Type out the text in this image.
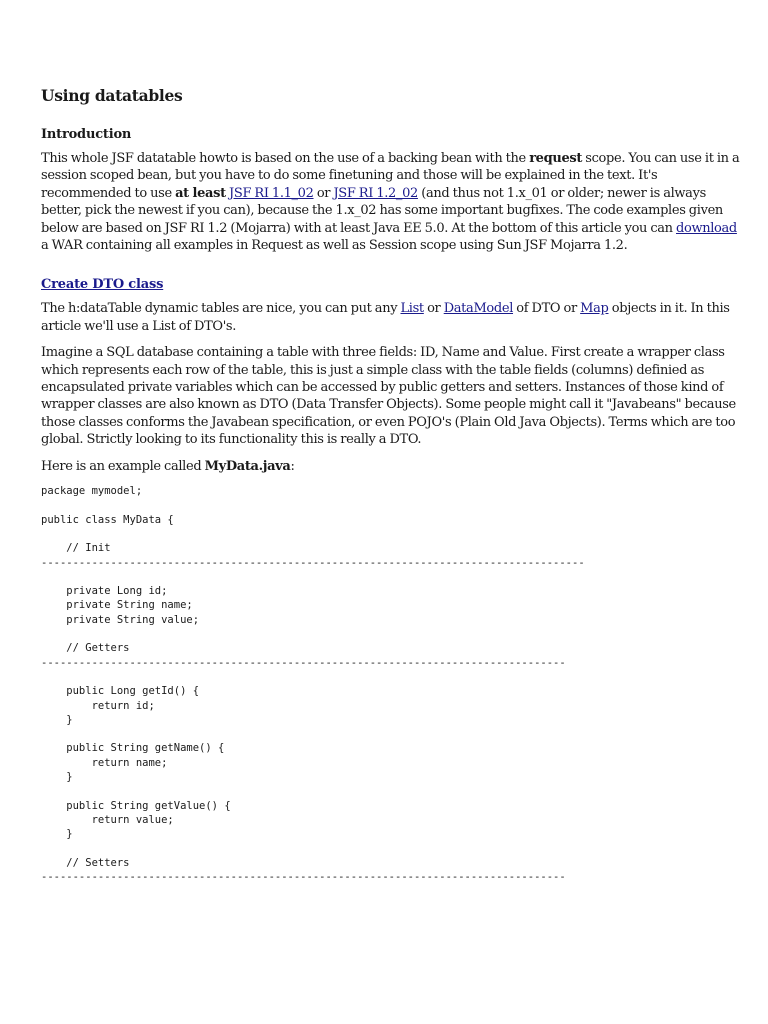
Using datatables
Introduction

This whole JSF datatable howto is based on the use of a backing bean with the request scope. You can use it in a session scoped bean, but you have to do some finetuning and those will be explained in the text. It's recommended to use at least JSF RI 1.1_02 or JSF RI 1.2_02 (and thus not 1.x_01 or older; newer is always better, pick the newest if you can), because the 1.x_02 has some important bugfixes. The code examples given below are based on JSF RI 1.2 (Mojarra) with at least Java EE 5.0. At the bottom of this article you can download a WAR containing all examples in Request as well as Session scope using Sun JSF Mojarra 1.2.

Create DTO class

The h:dataTable dynamic tables are nice, you can put any List or DataModel of DTO or Map objects in it. In this article we'll use a List of DTO's.

Imagine a SQL database containing a table with three fields: ID, Name and Value. First create a wrapper class which represents each row of the table, this is just a simple class with the table fields (columns) definied as encapsulated private variables which can be accessed by public getters and setters. Instances of those kind of wrapper classes are also known as DTO (Data Transfer Objects). Some people might call it "Javabeans" because those classes conforms the Javabean specification, or even POJO's (Plain Old Java Objects). Terms which are too global. Strictly looking to its functionality this is really a DTO.

Here is an example called MyData.java:

package mymodel;
public class MyData {
// Init
--------------------------------------------------------------------------------------
private Long id;
private String name;
private String value;
// Getters
-----------------------------------------------------------------------------------
public Long getId() {
return id;
}
public String getName() {
return name;
}
public String getValue() {
return value;
}
// Setters
-----------------------------------------------------------------------------------
